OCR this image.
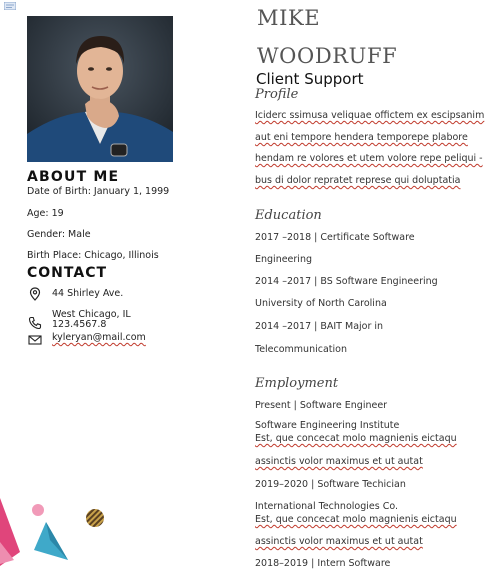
ABOUT ME
Date of Birth: January 1, 1999
Age: 19
Gender: Male
Birth Place: Chicago, Illinois
CONTACT
44 Shirley Ave.
West Chicago, IL
123.4567.8
kyleryan@mail.com
MIKE
WOODRUFF
Client Support
Profile
Iciderc ssimusa veliquae offictem ex escipsanim
aut eni tempore hendera temporepe plabore
hendam re volores et utem volore repe peliqui -
bus di dolor repratet represe qui doluptatia
Education
2017 –2018 | Certificate Software
Engineering
2014 –2017 | BS Software Engineering
University of North Carolina
2014 –2017 | BAIT Major in
Telecommunication
Employment
Present | Software Engineer
Software Engineering Institute
Est, que concecat molo magnienis eictaqu
assinctis volor maximus et ut autat
2019–2020 | Software Techician
International Technologies Co.
Est, que concecat molo magnienis eictaqu
assinctis volor maximus et ut autat
2018–2019 | Intern Software
